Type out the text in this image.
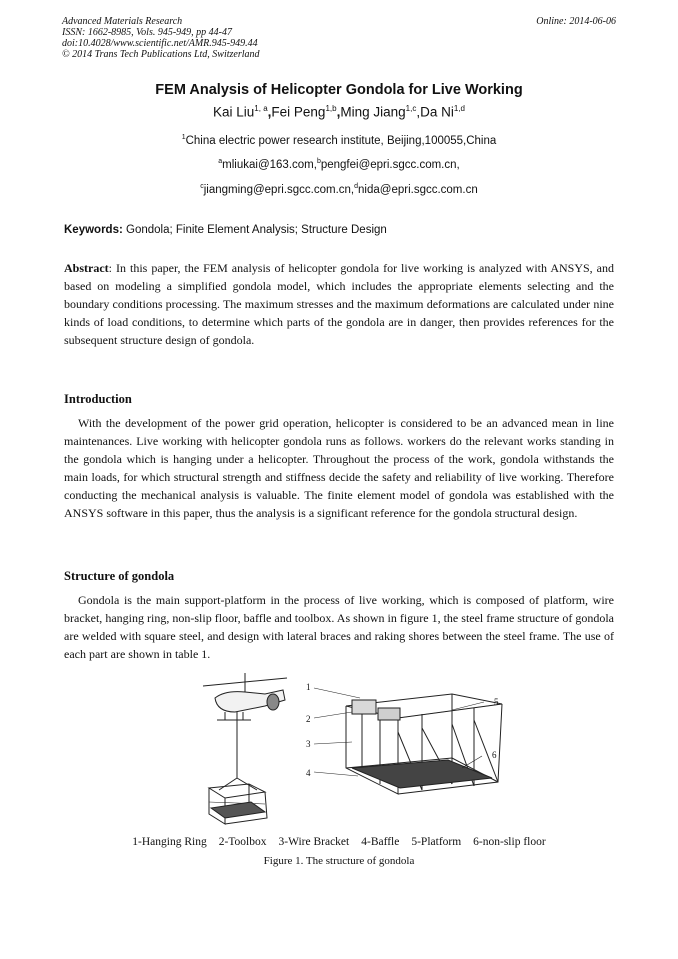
Advanced Materials Research
ISSN: 1662-8985, Vols. 945-949, pp 44-47
doi:10.4028/www.scientific.net/AMR.945-949.44
© 2014 Trans Tech Publications Ltd, Switzerland
Online: 2014-06-06
FEM Analysis of Helicopter Gondola for Live Working
Kai Liu$^{1, a}$,Fei Peng$^{1,b}$,Ming Jiang$^{1,c}$,Da Ni$^{1,d}$
$^1$China electric power research institute, Beijing,100055,China
$^a$mliukai@163.com,$^b$pengfei@epri.sgcc.com.cn,
$^c$jiangming@epri.sgcc.com.cn,$^d$nida@epri.sgcc.com.cn
Keywords: Gondola; Finite Element Analysis; Structure Design
Abstract: In this paper, the FEM analysis of helicopter gondola for live working is analyzed with ANSYS, and based on modeling a simplified gondola model, which includes the appropriate elements selecting and the boundary conditions processing. The maximum stresses and the maximum deformations are calculated under nine kinds of load conditions, to determine which parts of the gondola are in danger, then provides references for the subsequent structure design of gondola.
Introduction
With the development of the power grid operation, helicopter is considered to be an advanced mean in line maintenances. Live working with helicopter gondola runs as follows. workers do the relevant works standing in the gondola which is hanging under a helicopter. Throughout the process of the work, gondola withstands the main loads, for which structural strength and stiffness decide the safety and reliability of live working. Therefore conducting the mechanical analysis is valuable. The finite element model of gondola was established with the ANSYS software in this paper, thus the analysis is a significant reference for the gondola structural design.
Structure of gondola
Gondola is the main support-platform in the process of live working, which is composed of platform, wire bracket, hanging ring, non-slip floor, baffle and toolbox. As shown in figure 1, the steel frame structure of gondola are welded with square steel, and design with lateral braces and raking shores between the steel frame. The use of each part are shown in table 1.
1
2
3
4
5
6
1-Hanging Ring 2-Toolbox 3-Wire Bracket 4-Baffle 5-Platform 6-non-slip floor
Figure 1. The structure of gondola
